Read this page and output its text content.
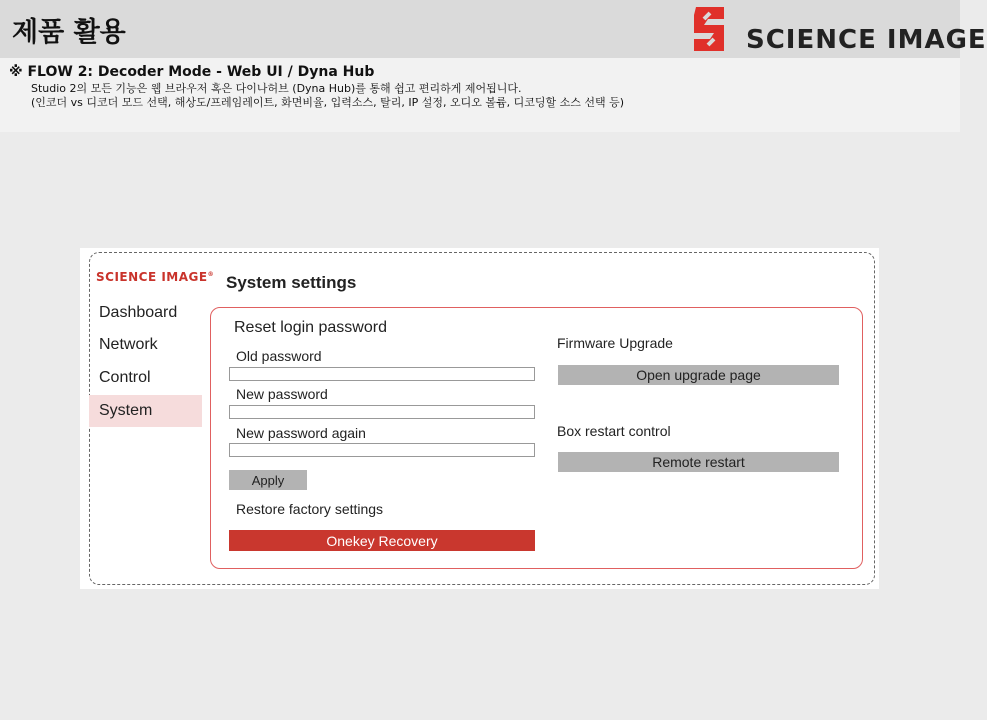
제품 활용	SCIENCE IMAGE
※ FLOW 2: Decoder Mode - Web UI / Dyna Hub
Studio 2의 모든 기능은 웹 브라우저 혹은 다이나허브 (Dyna Hub)를 통해 쉽고 편리하게 제어됩니다.
(인코더 vs 디코더 모드 선택, 해상도/프레임레이트, 화면비율, 입력소스, 탈리, IP 설정, 오디오 볼륨, 디코딩할 소스 선택 등)
SCIENCE IMAGE®
Dashboard
Network
Control
System
System settings
Reset login password
Old password
New password
New password again
Apply
Restore factory settings
Onekey Recovery
Firmware Upgrade
Open upgrade page
Box restart control
Remote restart
